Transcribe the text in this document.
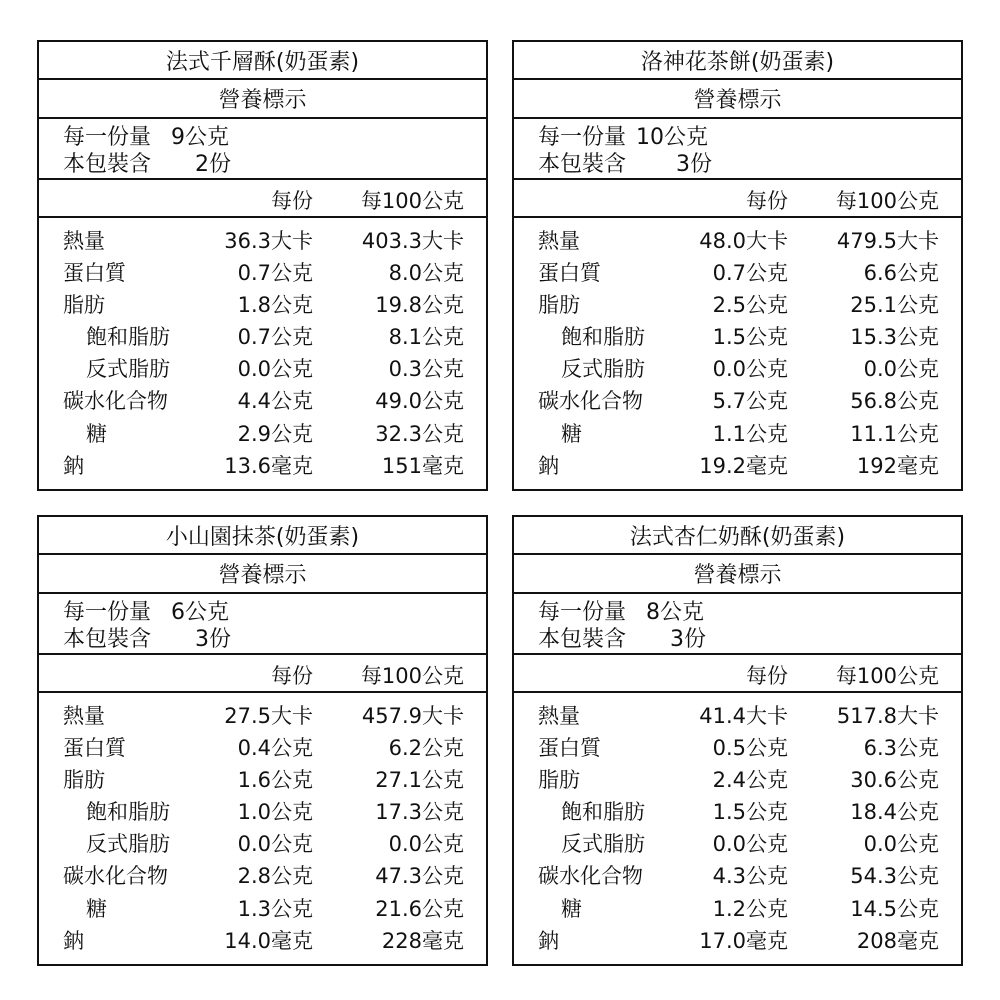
法式千層酥(奶蛋素)
營養標示
每一份量 9公克
本包裝含	2份
每份 每100公克
熱量	36.3大卡 403.3大卡
蛋白質	0.7公克	8.0公克
脂肪	1.8公克	19.8公克
飽和脂肪	0.7公克	8.1公克
反式脂肪	0.0公克	0.3公克
碳水化合物	4.4公克	49.0公克
糖	2.9公克	32.3公克
鈉	13.6毫克	151毫克
洛神花茶餅(奶蛋素)
營養標示
每一份量 10公克
本包裝含	3份
每份 每100公克
熱量	48.0大卡 479.5大卡
蛋白質	0.7公克	6.6公克
脂肪	2.5公克	25.1公克
飽和脂肪	1.5公克	15.3公克
反式脂肪	0.0公克	0.0公克
碳水化合物	5.7公克	56.8公克
糖	1.1公克	11.1公克
鈉	19.2毫克	192毫克
小山園抹茶(奶蛋素)
營養標示
每一份量 6公克
本包裝含	3份
每份 每100公克
熱量	27.5大卡 457.9大卡
蛋白質	0.4公克	6.2公克
脂肪	1.6公克	27.1公克
飽和脂肪	1.0公克	17.3公克
反式脂肪	0.0公克	0.0公克
碳水化合物	2.8公克	47.3公克
糖	1.3公克	21.6公克
鈉	14.0毫克	228毫克
法式杏仁奶酥(奶蛋素)
營養標示
每一份量 8公克
本包裝含	3份
每份 每100公克
熱量	41.4大卡 517.8大卡
蛋白質	0.5公克	6.3公克
脂肪	2.4公克	30.6公克
飽和脂肪	1.5公克	18.4公克
反式脂肪	0.0公克	0.0公克
碳水化合物	4.3公克	54.3公克
糖	1.2公克	14.5公克
鈉	17.0毫克	208毫克
